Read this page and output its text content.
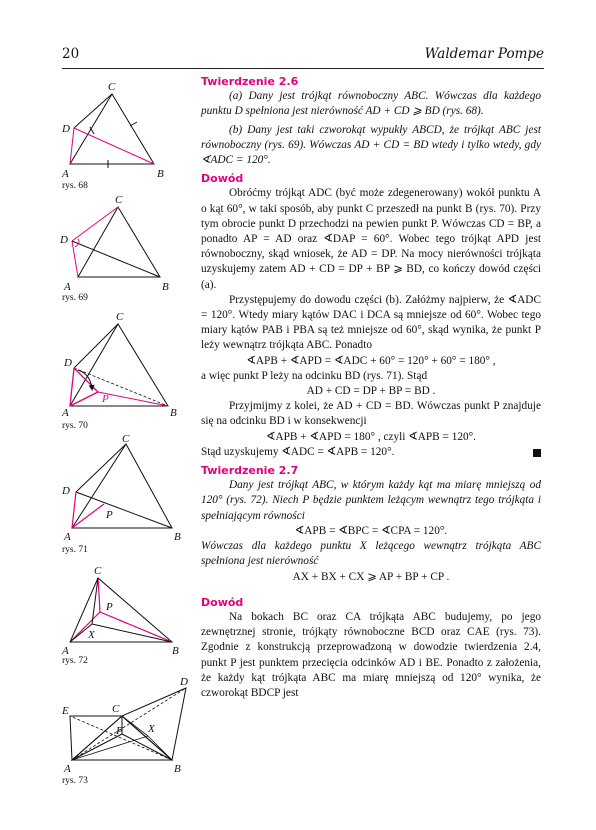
20	Waldemar Pompe
A	B
C
D
rys. 68
A	B
C
D
rys. 69
A	B
C
D
P
rys. 70
A	B
C
D
P
rys. 71
A	B
C
P
X
rys. 72
A	B
C
D
E
P X
rys. 73

Twierdzenie 2.6

(a) Dany jest trójkąt równoboczny ABC. Wówczas dla każdego punktu D spełniona jest nierówność AD + CD ⩾ BD (rys. 68).

(b) Dany jest taki czworokąt wypukły ABCD, że trójkąt ABC jest równoboczny (rys. 69). Wówczas AD + CD = BD wtedy i tylko wtedy, gdy ∢ADC = 120°.

Dowód

Obróćmy trójkąt ADC (być może zdegenerowany) wokół punktu A o kąt 60°, w taki sposób, aby punkt C przeszedł na punkt B (rys. 70). Przy tym obrocie punkt D przechodzi na pewien punkt P. Wówczas CD = BP, a ponadto AP = AD oraz ∢DAP = 60°. Wobec tego trójkąt APD jest równoboczny, skąd wniosek, że AD = DP. Na mocy nierówności trójkąta uzyskujemy zatem AD + CD = DP + BP ⩾ BD, co kończy dowód części (a).

Przystępujemy do dowodu części (b). Załóżmy najpierw, że ∢ADC = 120°. Wtedy miary kątów DAC i DCA są mniejsze od 60°. Wobec tego miary kątów PAB i PBA są też mniejsze od 60°, skąd wynika, że punkt P leży wewnątrz trójkąta ABC. Ponadto

∢APB + ∢APD = ∢ADC + 60° = 120° + 60° = 180° ,

a więc punkt P leży na odcinku BD (rys. 71). Stąd

AD + CD = DP + BP = BD .

Przyjmijmy z kolei, że AD + CD = BD. Wówczas punkt P znajduje się na odcinku BD i w konsekwencji

∢APB + ∢APD = 180° , czyli ∢APB = 120°.

Stąd uzyskujemy ∢ADC = ∢APB = 120°.

Twierdzenie 2.7

Dany jest trójkąt ABC, w którym każdy kąt ma miarę mniejszą od 120° (rys. 72). Niech P będzie punktem leżącym wewnątrz tego trójkąta i spełniającym równości

∢APB = ∢BPC = ∢CPA = 120°.

Wówczas dla każdego punktu X leżącego wewnątrz trójkąta ABC spełniona jest nierówność

AX + BX + CX ⩾ AP + BP + CP .

Dowód

Na bokach BC oraz CA trójkąta ABC budujemy, po jego zewnętrznej stronie, trójkąty równoboczne BCD oraz CAE (rys. 73). Zgodnie z konstrukcją przeprowadzoną w dowodzie twierdzenia 2.4, punkt P jest punktem przecięcia odcinków AD i BE. Ponadto z założenia, że każdy kąt trójkąta ABC ma miarę mniejszą od 120° wynika, że czworokąt BDCP jest
